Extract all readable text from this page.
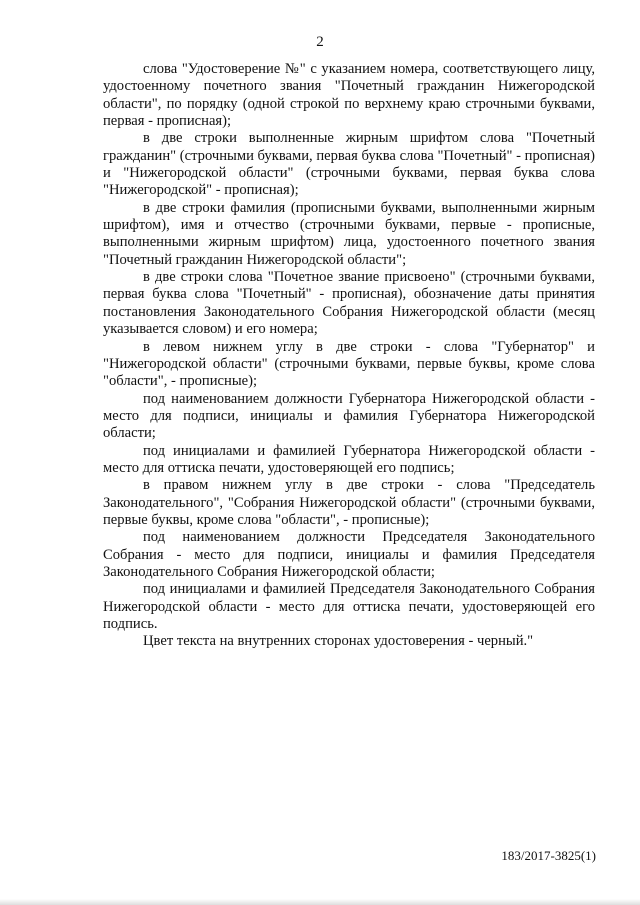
2

слова "Удостоверение №" с указанием номера, соответствующего лицу, удостоенному почетного звания "Почетный гражданин Нижегородской области", по порядку (одной строкой по верхнему краю строчными буквами, первая - прописная);

в две строки выполненные жирным шрифтом слова "Почетный гражданин" (строчными буквами, первая буква слова "Почетный" - прописная) и "Нижегородской области" (строчными буквами, первая буква слова "Нижегородской" - прописная);

в две строки фамилия (прописными буквами, выполненными жирным шрифтом), имя и отчество (строчными буквами, первые - прописные, выполненными жирным шрифтом) лица, удостоенного почетного звания "Почетный гражданин Нижегородской области";

в две строки слова "Почетное звание присвоено" (строчными буквами, первая буква слова "Почетный" - прописная), обозначение даты принятия постановления Законодательного Собрания Нижегородской области (месяц указывается словом) и его номера;

в левом нижнем углу в две строки - слова "Губернатор" и "Нижегородской области" (строчными буквами, первые буквы, кроме слова "области", - прописные);

под наименованием должности Губернатора Нижегородской области - место для подписи, инициалы и фамилия Губернатора Нижегородской области;

под инициалами и фамилией Губернатора Нижегородской области - место для оттиска печати, удостоверяющей его подпись;

в правом нижнем углу в две строки - слова "Председатель Законодательного", "Собрания Нижегородской области" (строчными буквами, первые буквы, кроме слова "области", - прописные);

под наименованием должности Председателя Законодательного Собрания - место для подписи, инициалы и фамилия Председателя Законодательного Собрания Нижегородской области;

под инициалами и фамилией Председателя Законодательного Собрания Нижегородской области - место для оттиска печати, удостоверяющей его подпись.

Цвет текста на внутренних сторонах удостоверения - черный."

183/2017-3825(1)
